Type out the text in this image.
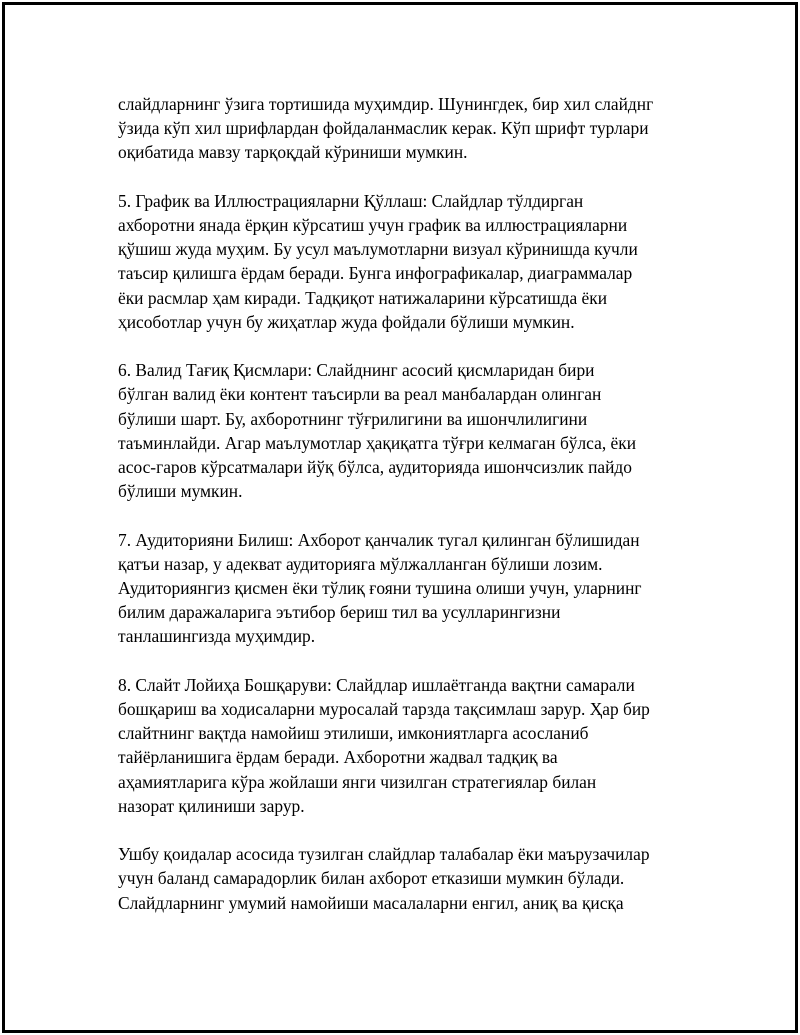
слайдларнинг ўзига тортишида муҳимдир. Шунингдек, бир хил слайднг
ўзида кўп хил шрифлардан фойдаланмаслик керак. Кўп шрифт турлари
оқибатида мавзу тарқоқдай кўриниши мумкин.

5. График ва Иллюстрацияларни Қўллаш: Слайдлар тўлдирган
ахборотни янада ёрқин кўрсатиш учун график ва иллюстрацияларни
қўшиш жуда муҳим. Бу усул маълумотларни визуал кўринишда кучли
таъсир қилишга ёрдам беради. Бунга инфографикалар, диаграммалар
ёки расмлар ҳам киради. Тадқиқот натижаларини кўрсатишда ёки
ҳисоботлар учун бу жиҳатлар жуда фойдали бўлиши мумкин.

6. Валид Тағиқ Қисмлари: Слайднинг асосий қисмларидан бири
бўлган валид ёки контент таъсирли ва реал манбалардан олинган
бўлиши шарт. Бу, ахборотнинг тўғрилигини ва ишончлилигини
таъминлайди. Агар маълумотлар ҳақиқатга тўғри келмаган бўлса, ёки
асос-гаров кўрсатмалари йўқ бўлса, аудиторияда ишончсизлик пайдо
бўлиши мумкин.

7. Аудиторияни Билиш: Ахборот қанчалик тугал қилинган бўлишидан
қатъи назар, у адекват аудиторияга мўлжалланган бўлиши лозим.
Аудиториянгиз қисмен ёки тўлиқ ғояни тушина олиши учун, уларнинг
билим даражаларига эътибор бериш тил ва усулларингизни
танлашингизда муҳимдир.

8. Слайт Лойиҳа Бошқаруви: Слайдлар ишлаётганда вақтни самарали
бошқариш ва ходисаларни муросалай тарзда тақсимлаш зарур. Ҳар бир
слайтнинг вақтда намойиш этилиши, имкониятларга асосланиб
тайёрланишига ёрдам беради. Ахборотни жадвал тадқиқ ва
аҳамиятларига кўра жойлаши янги чизилган стратегиялар билан
назорат қилиниши зарур.

Ушбу қоидалар асосида тузилган слайдлар талабалар ёки маърузачилар
учун баланд самарадорлик билан ахборот етказиши мумкин бўлади.
Слайдларнинг умумий намойиши масалаларни енгил, аниқ ва қисқа
